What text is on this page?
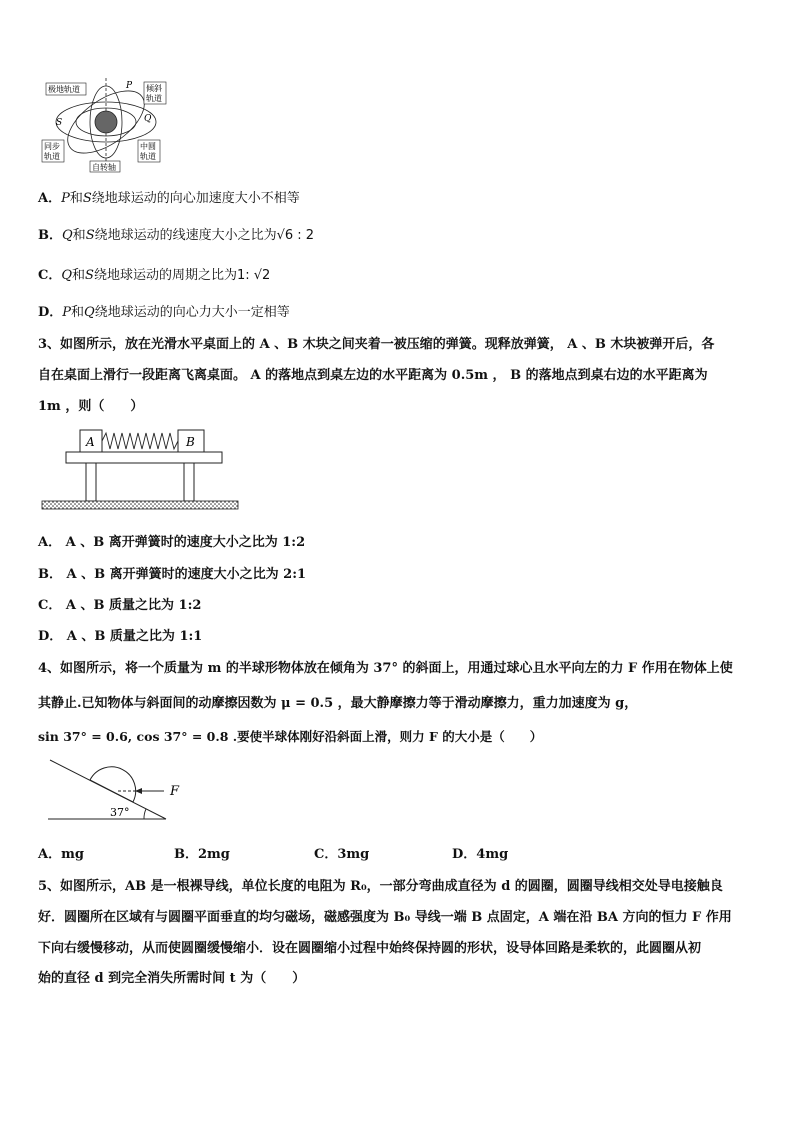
极地轨道	倾斜
轨道
同步
轨道
中圆
轨道
自转轴
P
S	Q
A．P和S绕地球运动的向心加速度大小不相等
B．Q和S绕地球运动的线速度大小之比为√6 : 2
C．Q和S绕地球运动的周期之比为1: √2
D．P和Q绕地球运动的向心力大小一定相等
3、如图所示，放在光滑水平桌面上的 A 、B 木块之间夹着一被压缩的弹簧。现释放弹簧， A 、B 木块被弹开后，各
自在桌面上滑行一段距离飞离桌面。 A 的落地点到桌左边的水平距离为 0.5m ， B 的落地点到桌右边的水平距离为
1m ，则（　　）
A	B
A． A 、B 离开弹簧时的速度大小之比为 1:2
B． A 、B 离开弹簧时的速度大小之比为 2:1
C． A 、B 质量之比为 1:2
D． A 、B 质量之比为 1:1
4、如图所示，将一个质量为 m 的半球形物体放在倾角为 37° 的斜面上，用通过球心且水平向左的力 F 作用在物体上使
其静止.已知物体与斜面间的动摩擦因数为 μ = 0.5 ，最大静摩擦力等于滑动摩擦力，重力加速度为 g，
sin 37° = 0.6, cos 37° = 0.8 .要使半球体刚好沿斜面上滑，则力 F 的大小是（　　）
F
37°
A．mg	B．2mg	C．3mg	D．4mg
5、如图所示，AB 是一根裸导线，单位长度的电阻为 R₀，一部分弯曲成直径为 d 的圆圈，圆圈导线相交处导电接触良
好．圆圈所在区域有与圆圈平面垂直的均匀磁场，磁感强度为 B₀ 导线一端 B 点固定，A 端在沿 BA 方向的恒力 F 作用
下向右缓慢移动，从而使圆圈缓慢缩小．设在圆圈缩小过程中始终保持圆的形状，设导体回路是柔软的，此圆圈从初
始的直径 d 到完全消失所需时间 t 为（　　）
